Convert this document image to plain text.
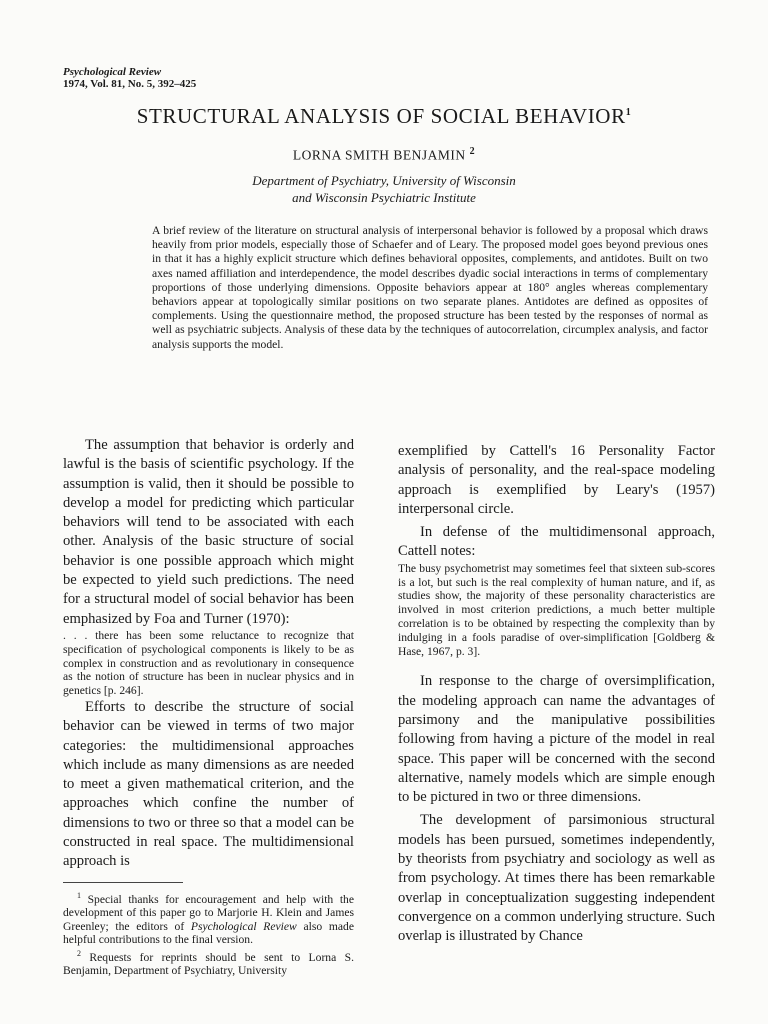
Psychological Review
1974, Vol. 81, No. 5, 392–425
STRUCTURAL ANALYSIS OF SOCIAL BEHAVIOR$^1$
LORNA SMITH BENJAMIN $^2$
Department of Psychiatry, University of Wisconsin
and Wisconsin Psychiatric Institute
A brief review of the literature on structural analysis of interpersonal behavior is followed by a proposal which draws heavily from prior models, especially those of Schaefer and of Leary. The proposed model goes beyond previous ones in that it has a highly explicit structure which defines behavioral opposites, complements, and antidotes. Built on two axes named affiliation and interdependence, the model describes dyadic social interactions in terms of complementary proportions of those underlying dimensions. Opposite behaviors appear at 180° angles whereas complementary behaviors appear at topologically similar positions on two separate planes. Antidotes are defined as opposites of complements. Using the questionnaire method, the proposed structure has been tested by the responses of normal as well as psychiatric subjects. Analysis of these data by the techniques of autocorrelation, circumplex analysis, and factor analysis supports the model.

The assumption that behavior is orderly and lawful is the basis of scientific psychology. If the assumption is valid, then it should be possible to develop a model for predicting which particular behaviors will tend to be associated with each other. Analysis of the basic structure of social behavior is one possible approach which might be expected to yield such predictions. The need for a structural model of social behavior has been emphasized by Foa and Turner (1970):

. . . there has been some reluctance to recognize that specification of psychological components is likely to be as complex in construction and as revolutionary in consequence as the notion of structure has been in nuclear physics and in genetics [p. 246].

Efforts to describe the structure of social behavior can be viewed in terms of two major categories: the multidimensional approaches which include as many dimensions as are needed to meet a given mathematical criterion, and the approaches which confine the number of dimensions to two or three so that a model can be constructed in real space. The multidimensional approach is

$^1$ Special thanks for encouragement and help with the development of this paper go to Marjorie H. Klein and James Greenley; the editors of Psychological Review also made helpful contributions to the final version.

$^2$ Requests for reprints should be sent to Lorna S. Benjamin, Department of Psychiatry, University

exemplified by Cattell's 16 Personality Factor analysis of personality, and the real-space modeling approach is exemplified by Leary's (1957) interpersonal circle.

In defense of the multidimensonal approach, Cattell notes:

The busy psychometrist may sometimes feel that sixteen sub-scores is a lot, but such is the real complexity of human nature, and if, as studies show, the majority of these personality characteristics are involved in most criterion predictions, a much better multiple correlation is to be obtained by respecting the complexity than by indulging in a fools paradise of over-simplification [Goldberg & Hase, 1967, p. 3].

In response to the charge of oversimplification, the modeling approach can name the advantages of parsimony and the manipulative possibilities following from having a picture of the model in real space. This paper will be concerned with the second alternative, namely models which are simple enough to be pictured in two or three dimensions.

The development of parsimonious structural models has been pursued, sometimes independently, by theorists from psychiatry and sociology as well as from psychology. At times there has been remarkable overlap in conceptualization suggesting independent convergence on a common underlying structure. Such overlap is illustrated by Chance
